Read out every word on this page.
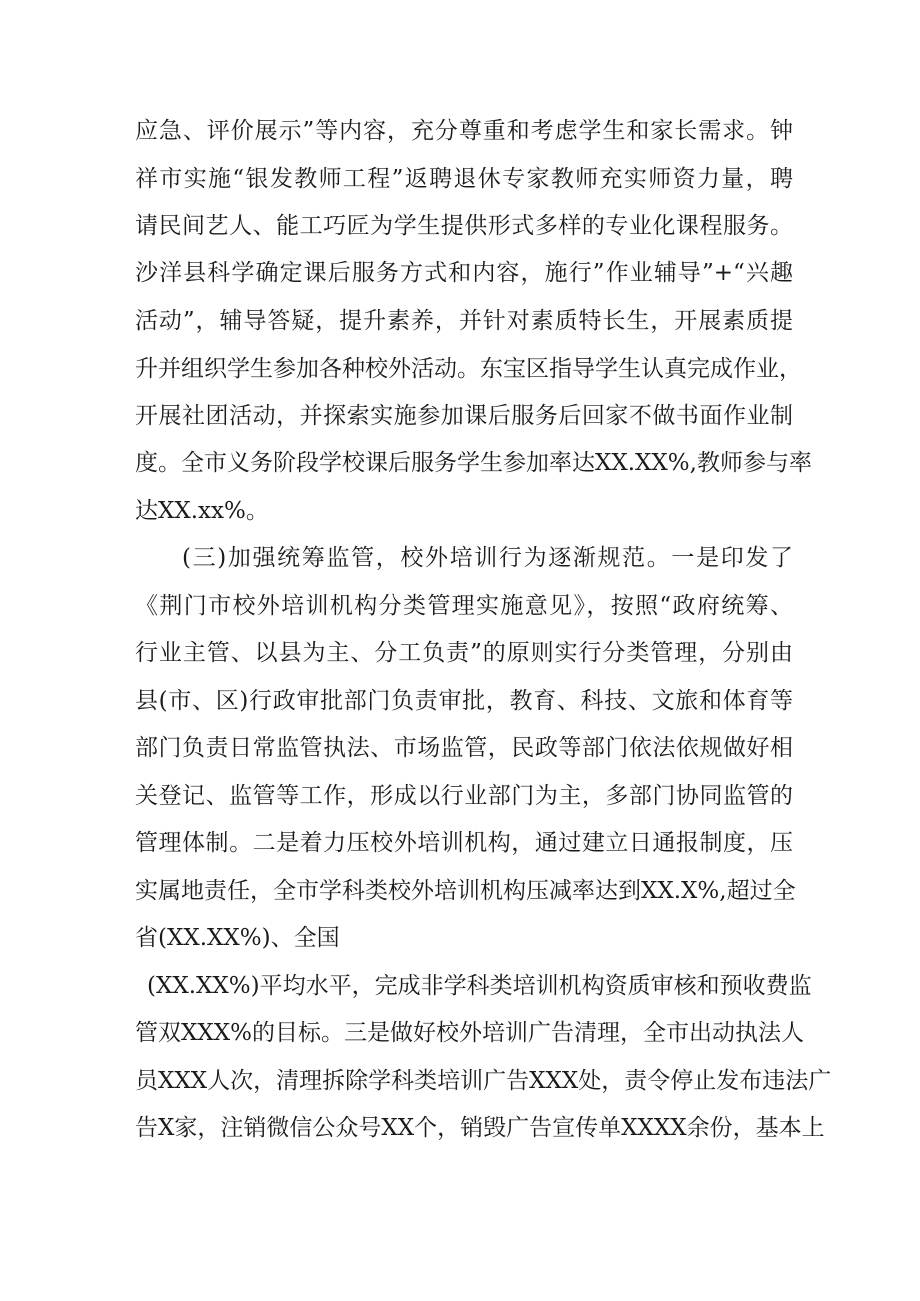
应急、评价展示”等内容，充分尊重和考虑学生和家长需求。钟
祥市实施“银发教师工程”返聘退休专家教师充实师资力量，聘
请民间艺人、能工巧匠为学生提供形式多样的专业化课程服务。
沙洋县科学确定课后服务方式和内容，施行”作业辅导”+“兴趣
活动”，辅导答疑，提升素养，并针对素质特长生，开展素质提
升并组织学生参加各种校外活动。东宝区指导学生认真完成作业，
开展社团活动，并探索实施参加课后服务后回家不做书面作业制
度。全市义务阶段学校课后服务学生参加率达XX.XX%,教师参与率
达XX.xx%。
(三)加强统筹监管，校外培训行为逐渐规范。一是印发了
《荆门市校外培训机构分类管理实施意见》，按照“政府统筹、
行业主管、以县为主、分工负责”的原则实行分类管理，分别由
县(市、区)行政审批部门负责审批，教育、科技、文旅和体育等
部门负责日常监管执法、市场监管，民政等部门依法依规做好相
关登记、监管等工作，形成以行业部门为主，多部门协同监管的
管理体制。二是着力压校外培训机构，通过建立日通报制度，压
实属地责任，全市学科类校外培训机构压减率达到XX.X%,超过全
省(XX.XX%)、全国
(XX.XX%)平均水平，完成非学科类培训机构资质审核和预收费监
管双XXX%的目标。三是做好校外培训广告清理，全市出动执法人
员XXX人次，清理拆除学科类培训广告XXX处，责令停止发布违法广
告X家，注销微信公众号XX个，销毁广告宣传单XXXX余份，基本上
